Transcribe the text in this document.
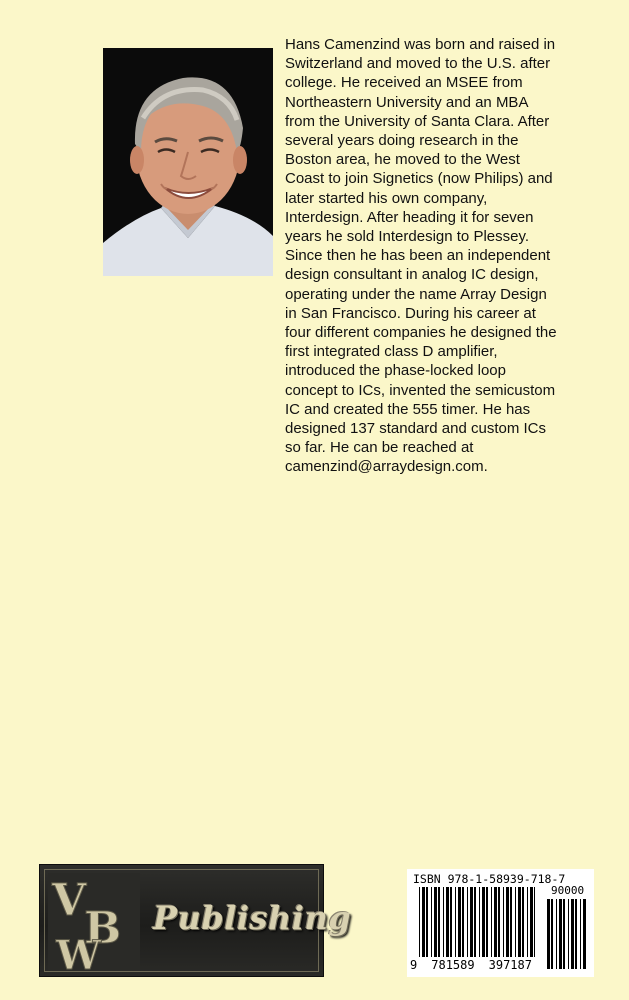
Hans Camenzind was born and raised in
Switzerland and moved to the U.S. after
college. He received an MSEE from
Northeastern University and an MBA
from the University of Santa Clara. After
several years doing research in the
Boston area, he moved to the West
Coast to join Signetics (now Philips) and
later started his own company,
Interdesign. After heading it for seven
years he sold Interdesign to Plessey.
Since then he has been an independent
design consultant in analog IC design,
operating under the name Array Design
in San Francisco. During his career at
four different companies he designed the
first integrated class D amplifier,
introduced the phase-locked loop
concept to ICs, invented the semicustom
IC and created the 555 timer. He has
designed 137 standard and custom ICs
so far. He can be reached at
camenzind@arraydesign.com.
V
B
W
Publishing
ISBN 978-1-58939-718-7
90000
9 781589 397187
